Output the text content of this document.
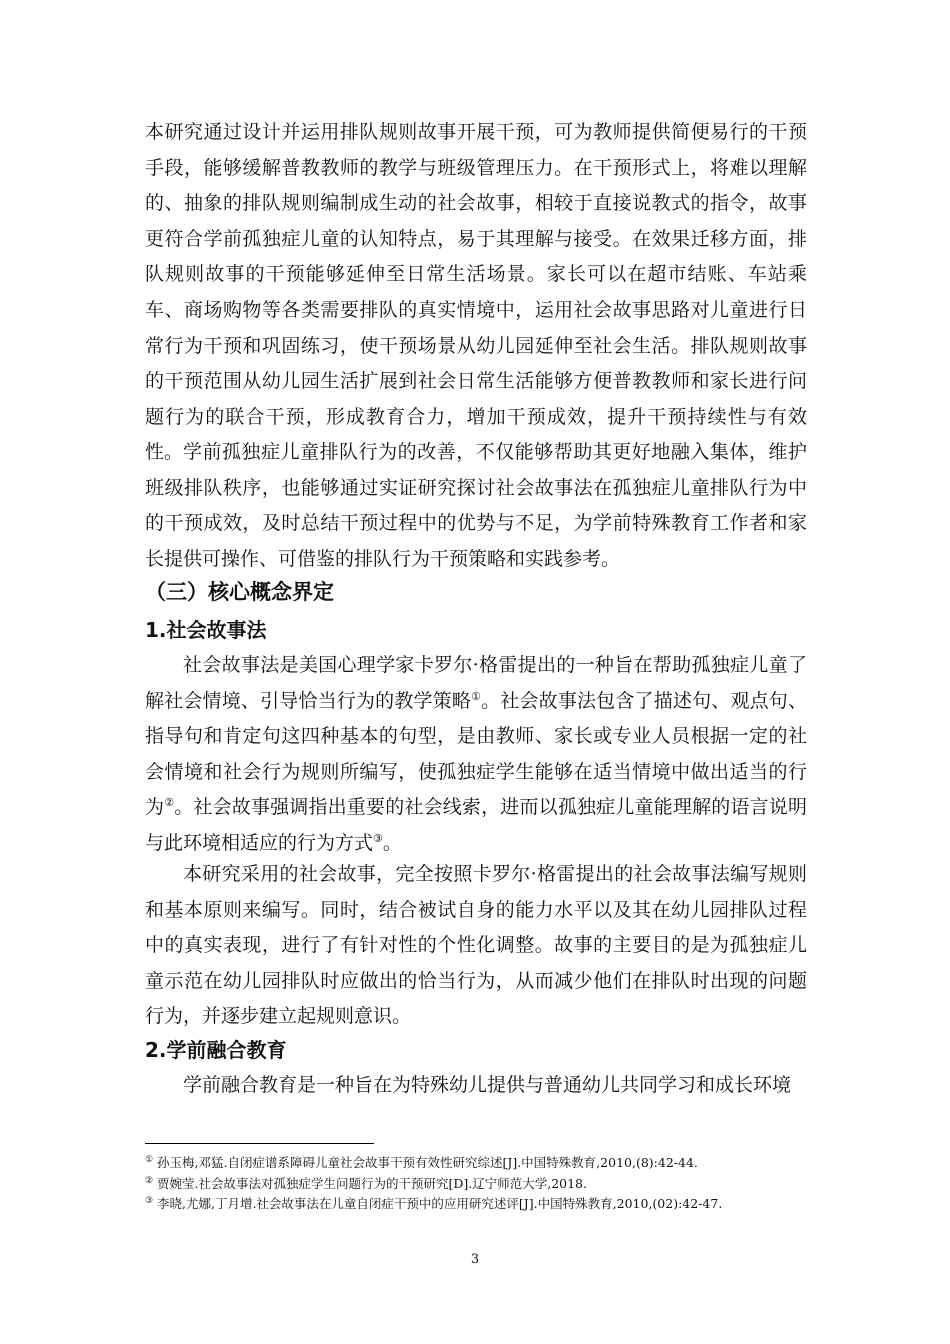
本研究通过设计并运用排队规则故事开展干预，可为教师提供简便易行的干预手段，能够缓解普教教师的教学与班级管理压力。在干预形式上，将难以理解的、抽象的排队规则编制成生动的社会故事，相较于直接说教式的指令，故事更符合学前孤独症儿童的认知特点，易于其理解与接受。在效果迁移方面，排队规则故事的干预能够延伸至日常生活场景。家长可以在超市结账、车站乘车、商场购物等各类需要排队的真实情境中，运用社会故事思路对儿童进行日常行为干预和巩固练习，使干预场景从幼儿园延伸至社会生活。排队规则故事的干预范围从幼儿园生活扩展到社会日常生活能够方便普教教师和家长进行问题行为的联合干预，形成教育合力，增加干预成效，提升干预持续性与有效性。 学前孤独症儿童排队行为的改善，不仅能够帮助其更好地融入集体，维护班级排队秩序，也能够通过实证研究探讨社会故事法在孤独症儿童排队行为中的干预成效，及时总结干预过程中的优势与不足，为学前特殊教育工作者和家长提供可操作、可借鉴的排队行为干预策略和实践参考。

（三）核心概念界定
1.社会故事法

社会故事法是美国心理学家卡罗尔·格雷提出的一种旨在帮助孤独症儿童了解社会情境、引导恰当行为的教学策略①。社会故事法包含了描述句、观点句、指导句和肯定句这四种基本的句型，是由教师、家长或专业人员根据一定的社会情境和社会行为规则所编写，使孤独症学生能够在适当情境中做出适当的行为②。社会故事强调指出重要的社会线索，进而以孤独症儿童能理解的语言说明与此环境相适应的行为方式③。

本研究采用的社会故事，完全按照卡罗尔·格雷提出的社会故事法编写规则和基本原则来编写。同时，结合被试自身的能力水平以及其在幼儿园排队过程中的真实表现，进行了有针对性的个性化调整。故事的主要目的是为孤独症儿童示范在幼儿园排队时应做出的恰当行为，从而减少他们在排队时出现的问题行为，并逐步建立起规则意识。

2.学前融合教育

学前融合教育是一种旨在为特殊幼儿提供与普通幼儿共同学习和成长环境

① 孙玉梅,邓猛.自闭症谱系障碍儿童社会故事干预有效性研究综述[J].中国特殊教育,2010,(8):42-44.
② 贾婉莹.社会故事法对孤独症学生问题行为的干预研究[D].辽宁师范大学,2018.
③ 李晓,尤娜,丁月增.社会故事法在儿童自闭症干预中的应用研究述评[J].中国特殊教育,2010,(02):42-47.
3
